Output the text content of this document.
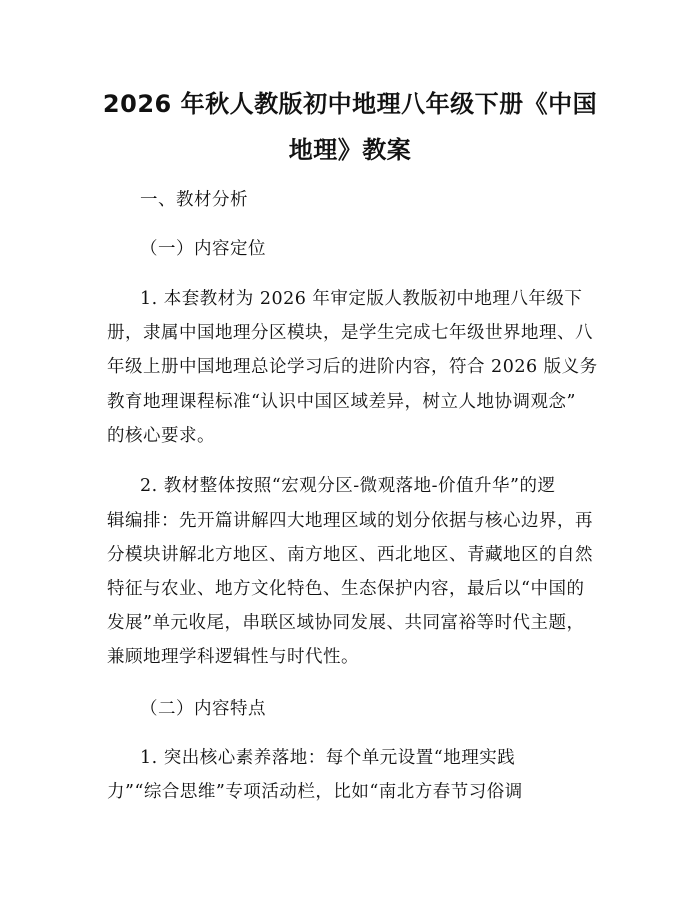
2026 年秋人教版初中地理八年级下册《中国
地理》教案
一、教材分析
（一）内容定位
1. 本套教材为 2026 年审定版人教版初中地理八年级下
册，隶属中国地理分区模块，是学生完成七年级世界地理、八
年级上册中国地理总论学习后的进阶内容，符合 2026 版义务
教育地理课程标准“认识中国区域差异，树立人地协调观念”
的核心要求。
2. 教材整体按照“宏观分区-微观落地-价值升华”的逻
辑编排：先开篇讲解四大地理区域的划分依据与核心边界，再
分模块讲解北方地区、南方地区、西北地区、青藏地区的自然
特征与农业、地方文化特色、生态保护内容，最后以“中国的
发展”单元收尾，串联区域协同发展、共同富裕等时代主题，
兼顾地理学科逻辑性与时代性。
（二）内容特点
1. 突出核心素养落地：每个单元设置“地理实践
力”“综合思维”专项活动栏，比如“南北方春节习俗调
